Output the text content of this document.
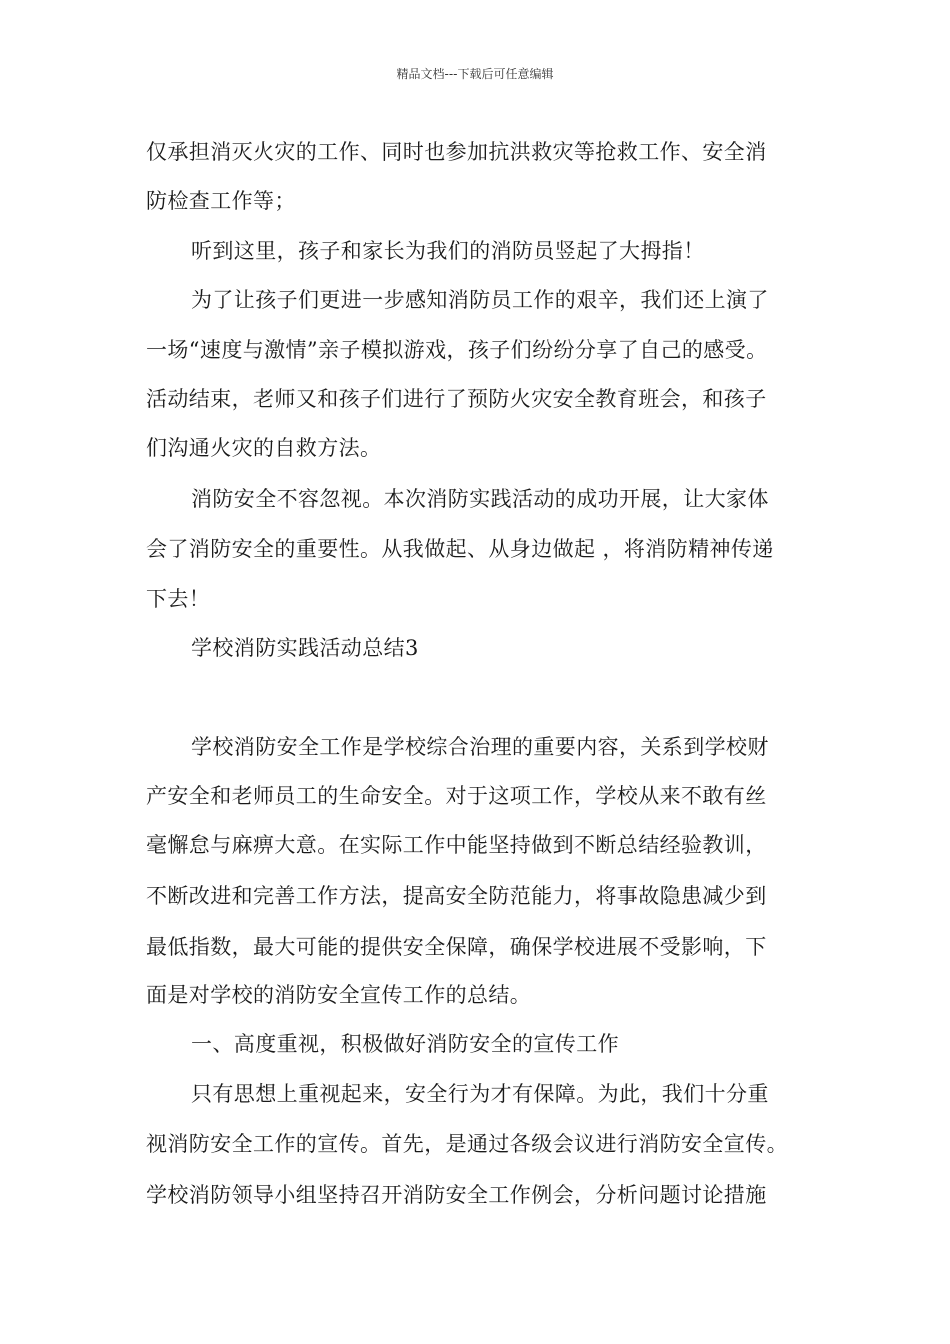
精品文档---下载后可任意编辑
仅承担消灭火灾的工作、同时也参加抗洪救灾等抢救工作、安全消
防检查工作等；
听到这里，孩子和家长为我们的消防员竖起了大拇指！
为了让孩子们更进一步感知消防员工作的艰辛，我们还上演了
一场“速度与激情”亲子模拟游戏，孩子们纷纷分享了自己的感受。
活动结束，老师又和孩子们进行了预防火灾安全教育班会，和孩子
们沟通火灾的自救方法。
消防安全不容忽视。本次消防实践活动的成功开展，让大家体
会了消防安全的重要性。从我做起、从身边做起 ，将消防精神传递
下去！
学校消防实践活动总结3
学校消防安全工作是学校综合治理的重要内容，关系到学校财
产安全和老师员工的生命安全。对于这项工作，学校从来不敢有丝
毫懈怠与麻痹大意。在实际工作中能坚持做到不断总结经验教训，
不断改进和完善工作方法，提高安全防范能力，将事故隐患减少到
最低指数，最大可能的提供安全保障，确保学校进展不受影响，下
面是对学校的消防安全宣传工作的总结。
一、高度重视，积极做好消防安全的宣传工作
只有思想上重视起来，安全行为才有保障。为此，我们十分重
视消防安全工作的宣传。首先，是通过各级会议进行消防安全宣传。
学校消防领导小组坚持召开消防安全工作例会，分析问题讨论措施
